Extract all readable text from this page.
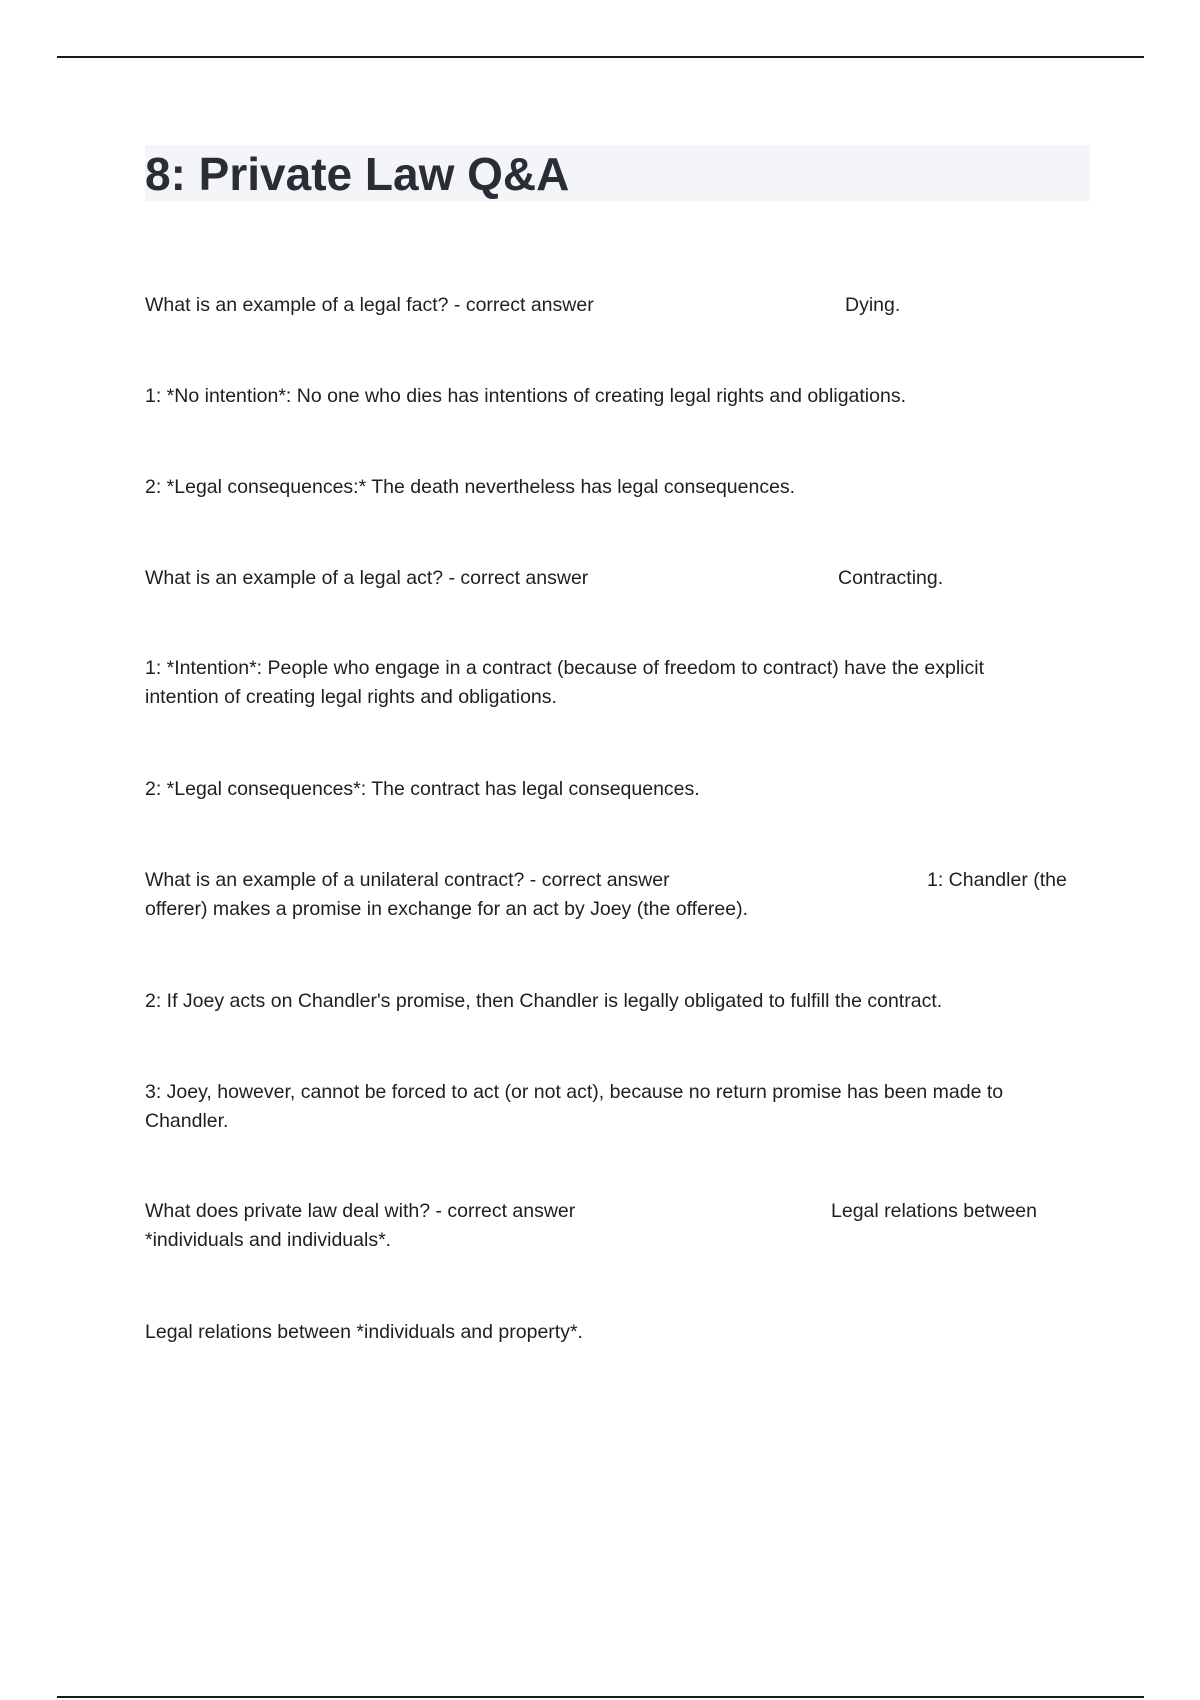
8: Private Law Q&A
What is an example of a legal fact? - correct answer	Dying.

1: *No intention*: No one who dies has intentions of creating legal rights and obligations.

2: *Legal consequences:* The death nevertheless has legal consequences.

What is an example of a legal act? - correct answer	Contracting.
1: *Intention*: People who engage in a contract (because of freedom to contract) have the explicit
intention of creating legal rights and obligations.

2: *Legal consequences*: The contract has legal consequences.

What is an example of a unilateral contract? - correct answer	1: Chandler (the
offerer) makes a promise in exchange for an act by Joey (the offeree).

2: If Joey acts on Chandler's promise, then Chandler is legally obligated to fulfill the contract.

3: Joey, however, cannot be forced to act (or not act), because no return promise has been made to
Chandler.
What does private law deal with? - correct answer	Legal relations between
*individuals and individuals*.

Legal relations between *individuals and property*.
